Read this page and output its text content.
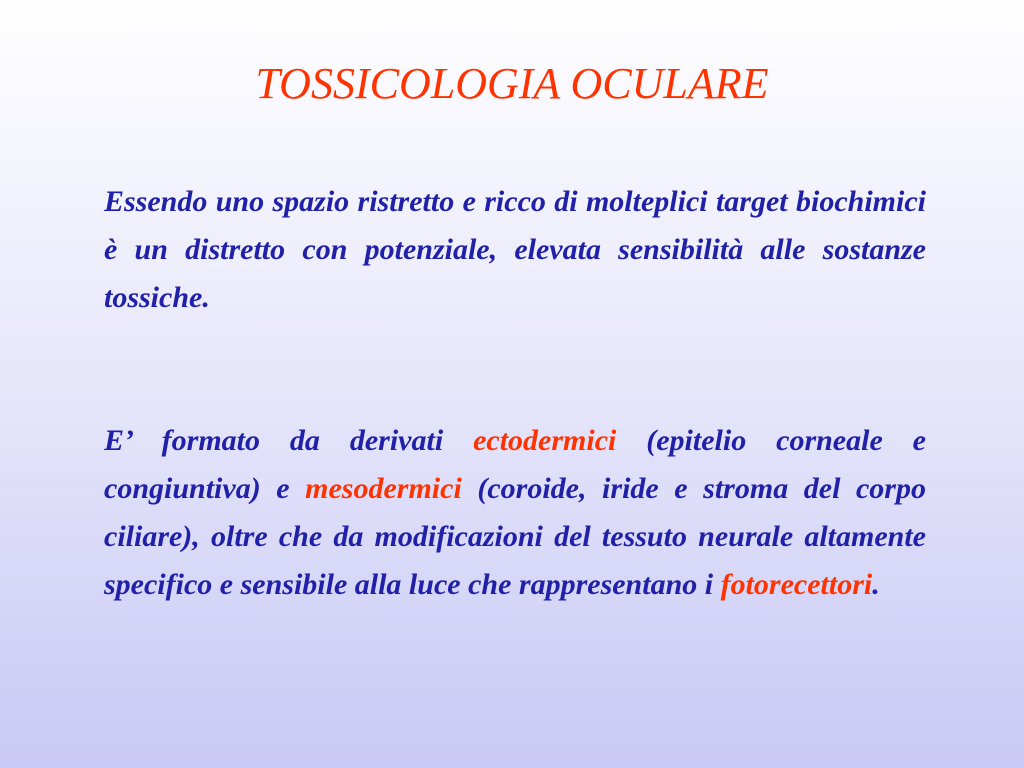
TOSSICOLOGIA OCULARE

Essendo uno spazio ristretto e ricco di molteplici target biochimici è un distretto con potenziale, elevata sensibilità alle sostanze tossiche.

E’ formato da derivati ectodermici (epitelio corneale e congiuntiva) e mesodermici (coroide, iride e stroma del corpo ciliare), oltre che da modificazioni del tessuto neurale altamente specifico e sensibile alla luce che rappresentano i fotorecettori.
